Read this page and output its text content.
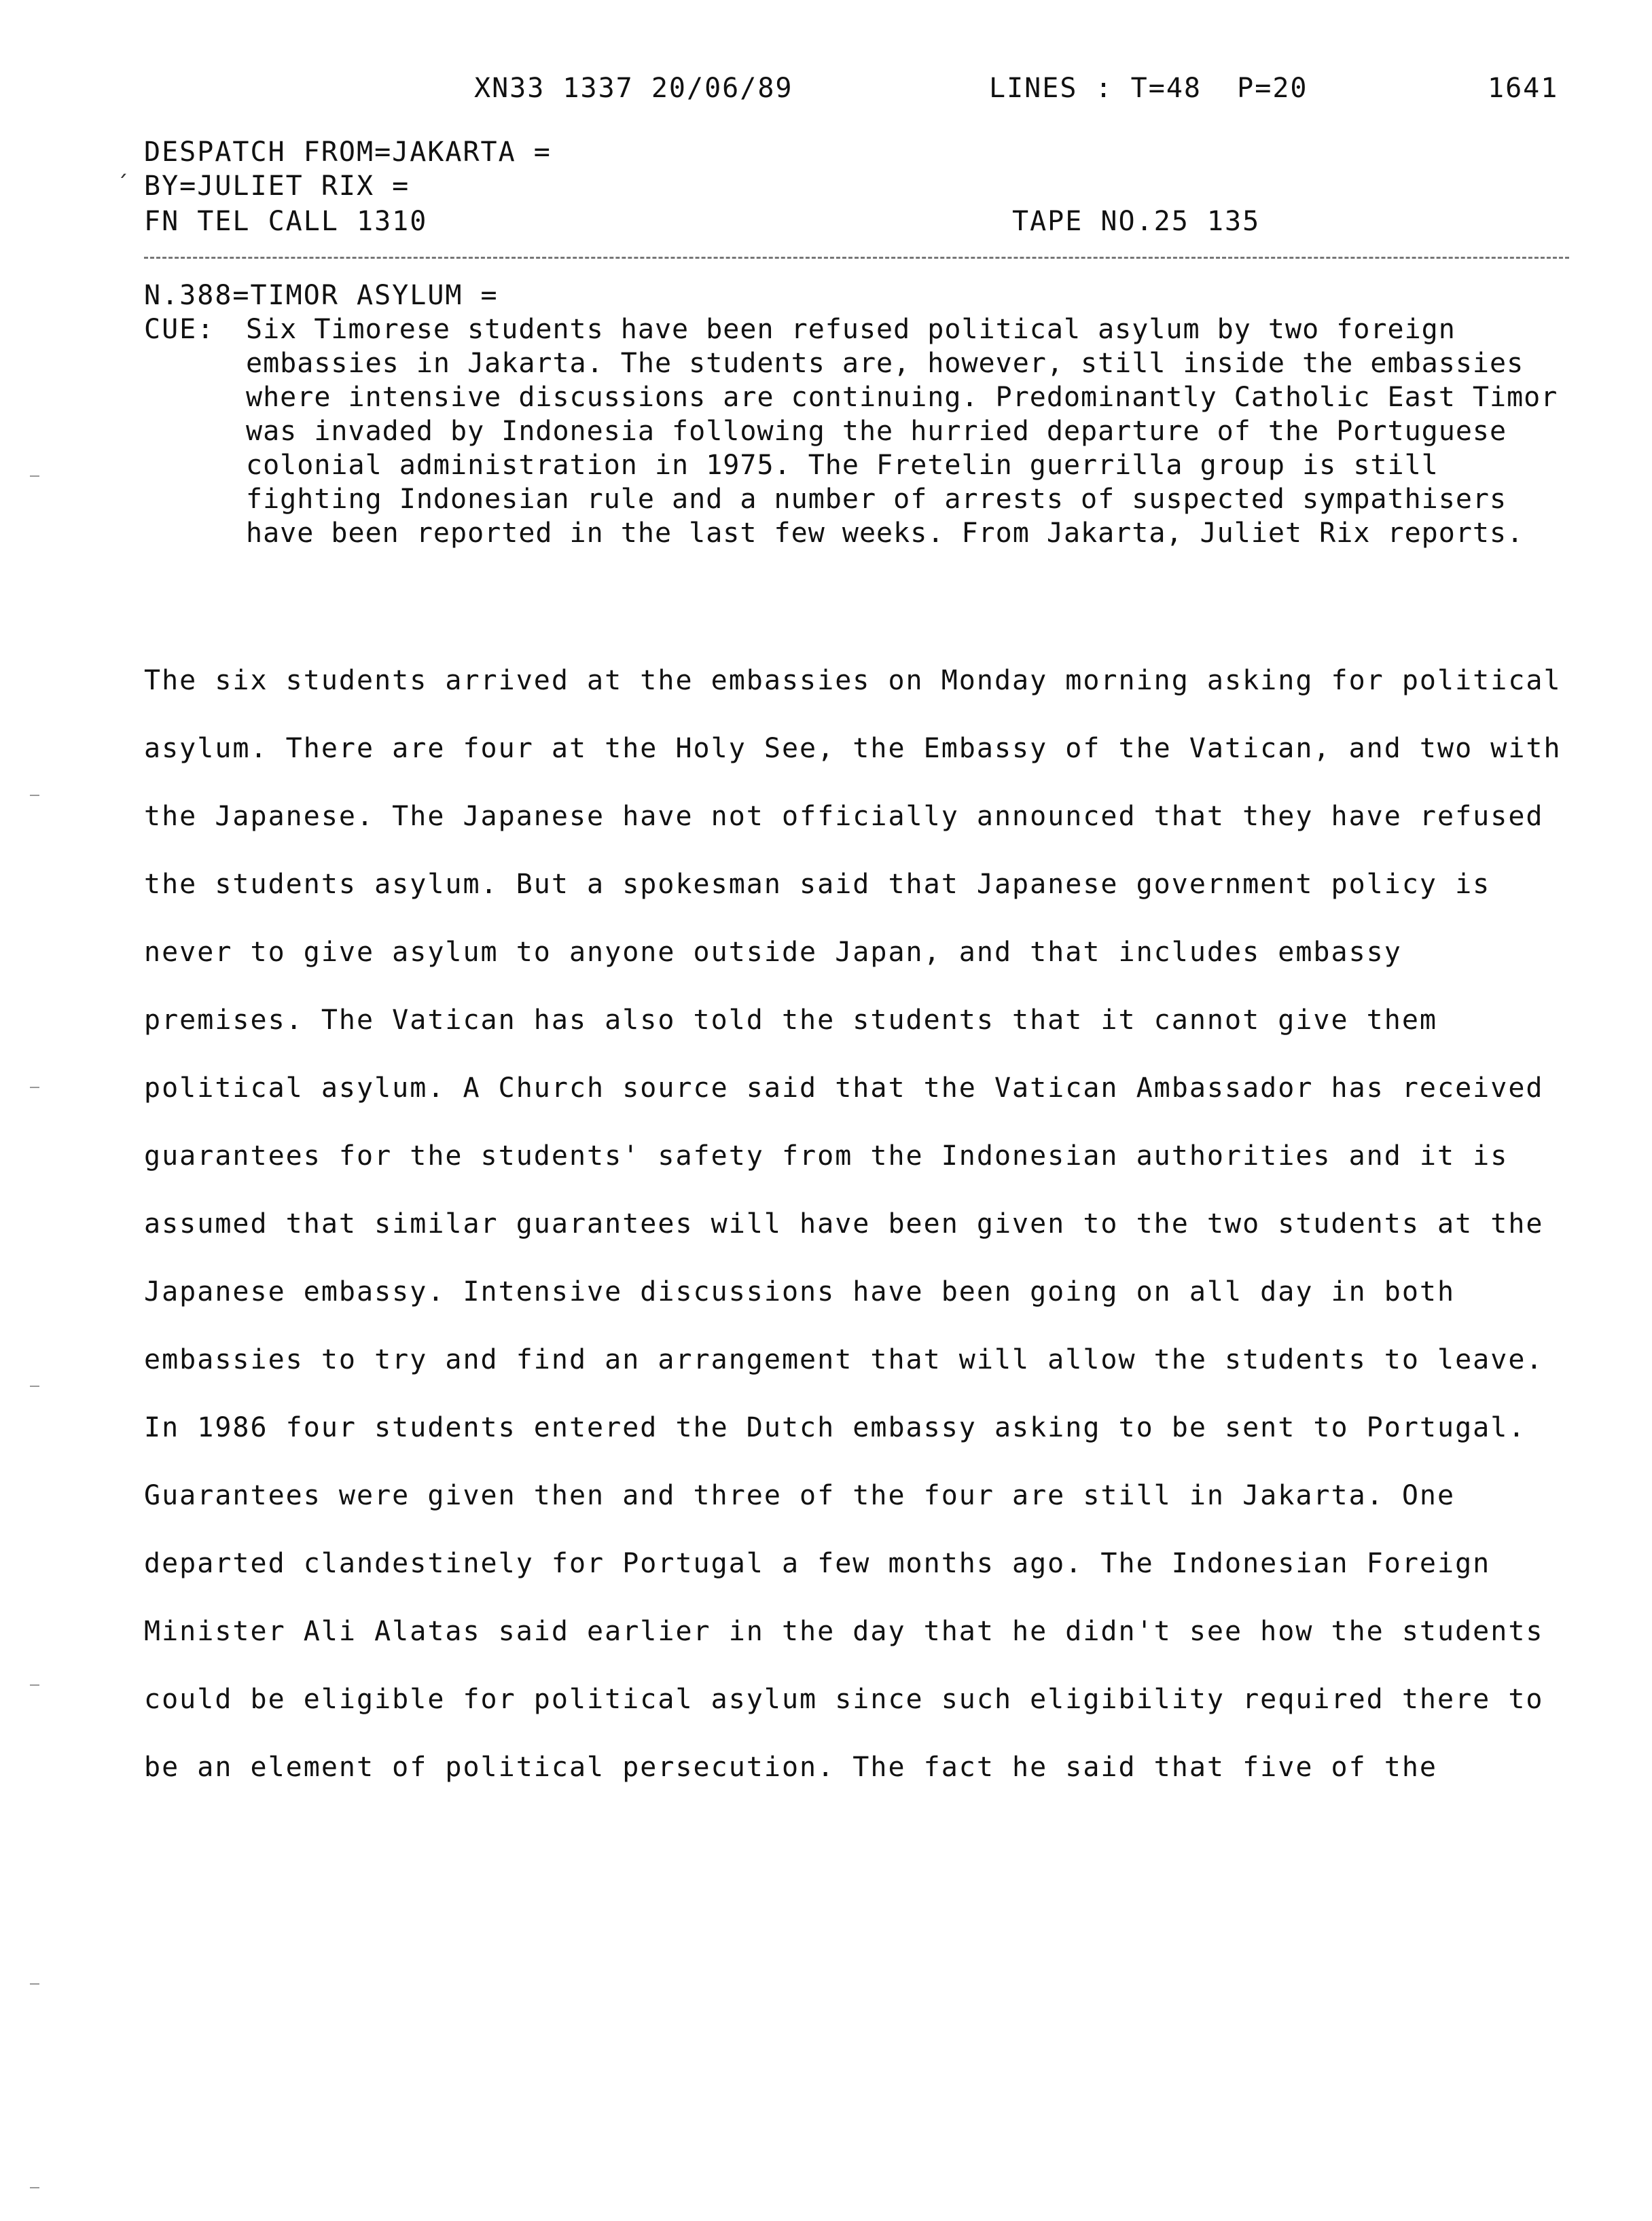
XN33 1337 20/06/89	LINES : T=48  P=20	1641
DESPATCH FROM=JAKARTA =
´ BY=JULIET RIX =
FN TEL CALL 1310	TAPE NO.25 135
N.388=TIMOR ASYLUM =
CUE:	Six Timorese students have been refused political asylum by two foreign embassies in Jakarta. The students are, however, still inside the embassies where intensive discussions are continuing. Predominantly Catholic East Timor was invaded by Indonesia following the hurried departure of the Portuguese colonial administration in 1975. The Fretelin guerrilla group is still fighting Indonesian rule and a number of arrests of suspected sympathisers have been reported in the last few weeks. From Jakarta, Juliet Rix reports.
The six students arrived at the embassies on Monday morning asking for political asylum. There are four at the Holy See, the Embassy of the Vatican, and two with the Japanese. The Japanese have not officially announced that they have refused the students asylum. But a spokesman said that Japanese government policy is never to give asylum to anyone outside Japan, and that includes embassy premises. The Vatican has also told the students that it cannot give them political asylum. A Church source said that the Vatican Ambassador has received guarantees for the students' safety from the Indonesian authorities and it is assumed that similar guarantees will have been given to the two students at the Japanese embassy. Intensive discussions have been going on all day in both embassies to try and find an arrangement that will allow the students to leave. In 1986 four students entered the Dutch embassy asking to be sent to Portugal. Guarantees were given then and three of the four are still in Jakarta. One departed clandestinely for Portugal a few months ago. The Indonesian Foreign Minister Ali Alatas said earlier in the day that he didn't see how the students could be eligible for political asylum since such eligibility required there to be an element of political persecution. The fact he said that five of the
